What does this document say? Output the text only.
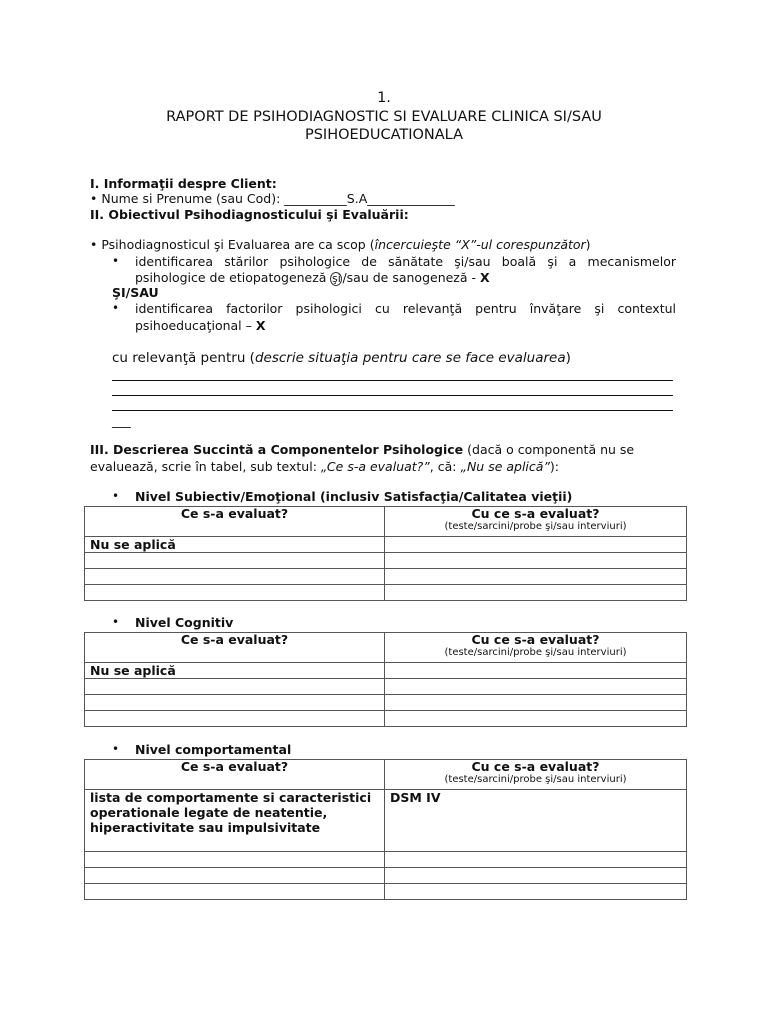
1.
RAPORT DE PSIHODIAGNOSTIC SI EVALUARE CLINICA SI/SAU
PSIHOEDUCATIONALA
I. Informaţii despre Client:
• Nume si Prenume (sau Cod): __________S.A______________
II. Obiectivul Psihodiagnosticului şi Evaluării:
• Psihodiagnosticul şi Evaluarea are ca scop (încercuieşte “X”-ul corespunzător)
• identificarea stărilor psihologice de sănătate şi/sau boală şi a mecanismelor
psihologice de etiopatogeneză şi /sau de sanogeneză - X
ŞI/SAU
• identificarea factorilor psihologici cu relevanţă pentru învăţare şi contextul
psihoeducaţional – X
cu relevanţă pentru (descrie situaţia pentru care se face evaluarea)
___
III. Descrierea Succintă a Componentelor Psihologice (dacă o componentă nu se
evaluează, scrie în tabel, sub textul: „Ce s-a evaluat?”, că: „Nu se aplică”):
• Nivel Subiectiv/Emoţional (inclusiv Satisfacţia/Calitatea vieţii)
Ce s-a evaluat?	Cu ce s-a evaluat?
(teste/sarcini/probe şi/sau interviuri)

Nu se aplică	

• Nivel Cognitiv
Ce s-a evaluat?	Cu ce s-a evaluat?
(teste/sarcini/probe şi/sau interviuri)

Nu se aplică	

• Nivel comportamental
Ce s-a evaluat?	Cu ce s-a evaluat?
(teste/sarcini/probe şi/sau interviuri)

lista de comportamente si caracteristici operationale legate de neatentie, hiperactivitate sau impulsivitate	DSM IV
